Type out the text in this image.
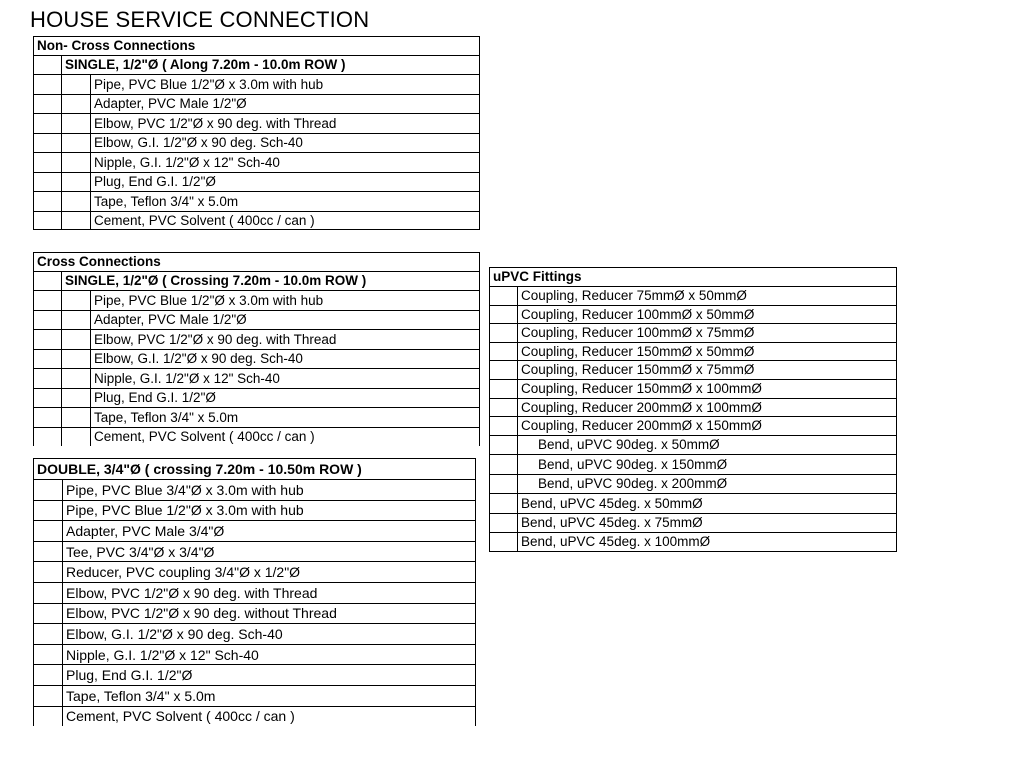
HOUSE SERVICE CONNECTION
Non- Cross Connections
SINGLE, 1/2"Ø ( Along 7.20m - 10.0m ROW )
Pipe, PVC Blue 1/2"Ø x 3.0m with hub
Adapter, PVC Male 1/2"Ø
Elbow, PVC 1/2"Ø x 90 deg. with Thread
Elbow, G.I. 1/2"Ø x 90 deg. Sch-40
Nipple, G.I. 1/2"Ø x 12" Sch-40
Plug, End G.I. 1/2"Ø
Tape, Teflon 3/4" x 5.0m
Cement, PVC Solvent ( 400cc / can )
Cross Connections
SINGLE, 1/2"Ø ( Crossing 7.20m - 10.0m ROW )
Pipe, PVC Blue 1/2"Ø x 3.0m with hub
Adapter, PVC Male 1/2"Ø
Elbow, PVC 1/2"Ø x 90 deg. with Thread
Elbow, G.I. 1/2"Ø x 90 deg. Sch-40
Nipple, G.I. 1/2"Ø x 12" Sch-40
Plug, End G.I. 1/2"Ø
Tape, Teflon 3/4" x 5.0m
Cement, PVC Solvent ( 400cc / can )
DOUBLE, 3/4"Ø ( crossing 7.20m - 10.50m ROW )
Pipe, PVC Blue 3/4"Ø x 3.0m with hub
Pipe, PVC Blue 1/2"Ø x 3.0m with hub
Adapter, PVC Male 3/4"Ø
Tee, PVC 3/4"Ø x 3/4"Ø
Reducer, PVC coupling 3/4"Ø x 1/2"Ø
Elbow, PVC 1/2"Ø x 90 deg. with Thread
Elbow, PVC 1/2"Ø x 90 deg. without Thread
Elbow, G.I. 1/2"Ø x 90 deg. Sch-40
Nipple, G.I. 1/2"Ø x 12" Sch-40
Plug, End G.I. 1/2"Ø
Tape, Teflon 3/4" x 5.0m
Cement, PVC Solvent ( 400cc / can )
uPVC Fittings
Coupling, Reducer 75mmØ x 50mmØ
Coupling, Reducer 100mmØ x 50mmØ
Coupling, Reducer 100mmØ x 75mmØ
Coupling, Reducer 150mmØ x 50mmØ
Coupling, Reducer 150mmØ x 75mmØ
Coupling, Reducer 150mmØ x 100mmØ
Coupling, Reducer 200mmØ x 100mmØ
Coupling, Reducer 200mmØ x 150mmØ
Bend, uPVC 90deg. x 50mmØ
Bend, uPVC 90deg. x 150mmØ
Bend, uPVC 90deg. x 200mmØ
Bend, uPVC 45deg. x 50mmØ
Bend, uPVC 45deg. x 75mmØ
Bend, uPVC 45deg. x 100mmØ
